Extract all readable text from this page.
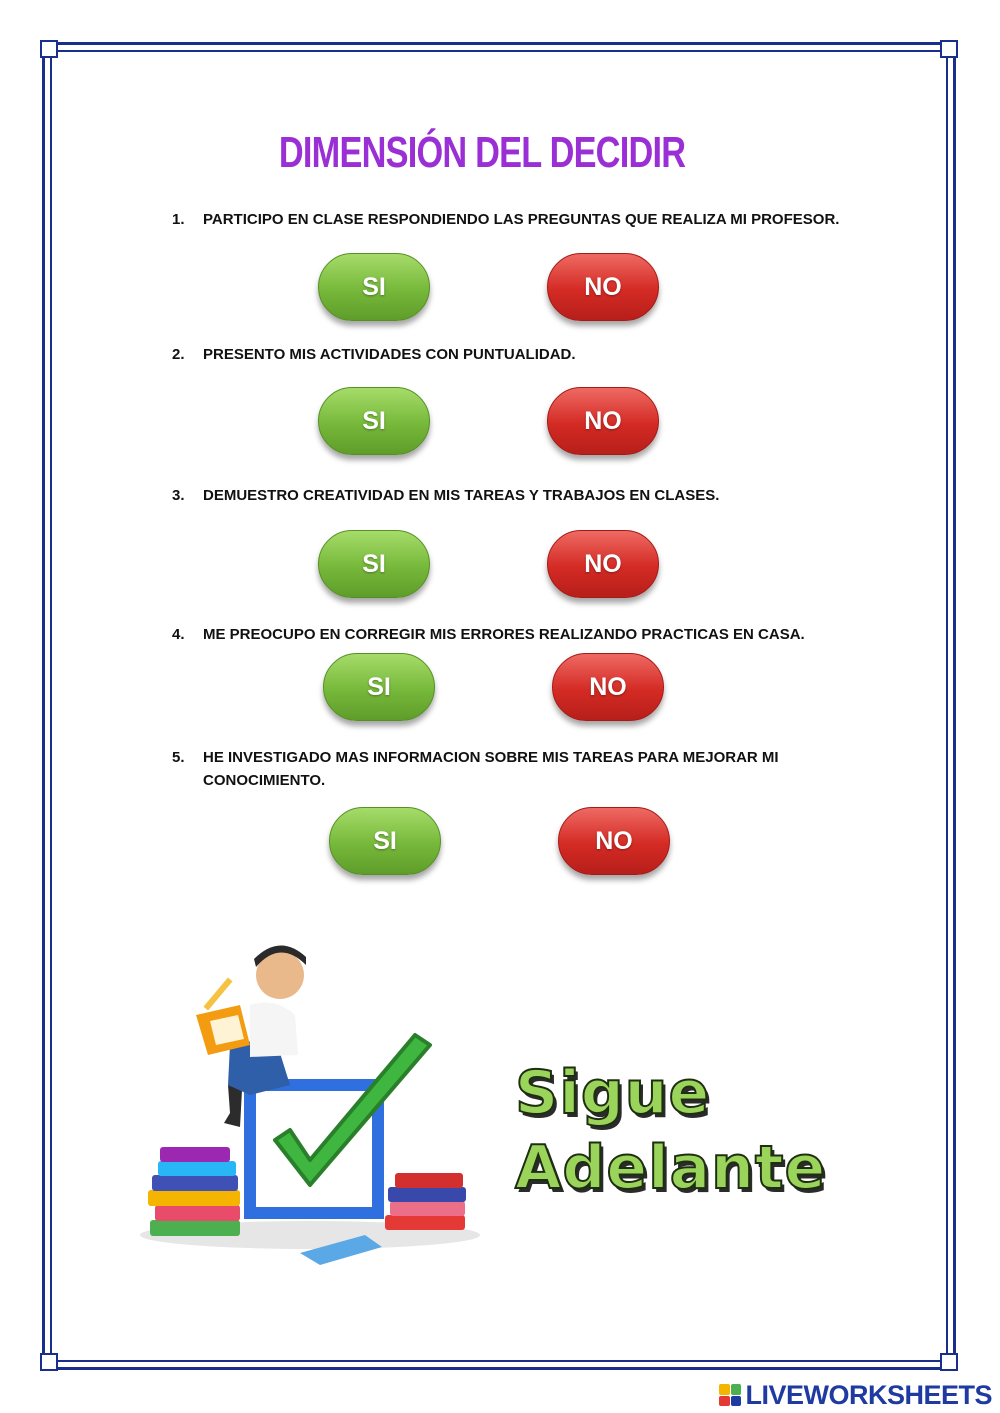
DIMENSIÓN DEL DECIDIR
1. PARTICIPO EN CLASE RESPONDIENDO LAS PREGUNTAS QUE REALIZA MI PROFESOR.
SI	NO
2. PRESENTO MIS ACTIVIDADES CON PUNTUALIDAD.
SI	NO
3. DEMUESTRO CREATIVIDAD EN MIS TAREAS Y TRABAJOS EN CLASES.
SI	NO
4. ME PREOCUPO EN CORREGIR MIS ERRORES REALIZANDO PRACTICAS EN CASA.
SI	NO
5. HE INVESTIGADO MAS INFORMACION SOBRE MIS TAREAS PARA MEJORAR MI CONOCIMIENTO.
SI	NO
Sigue
Adelante
LIVEWORKSHEETS
